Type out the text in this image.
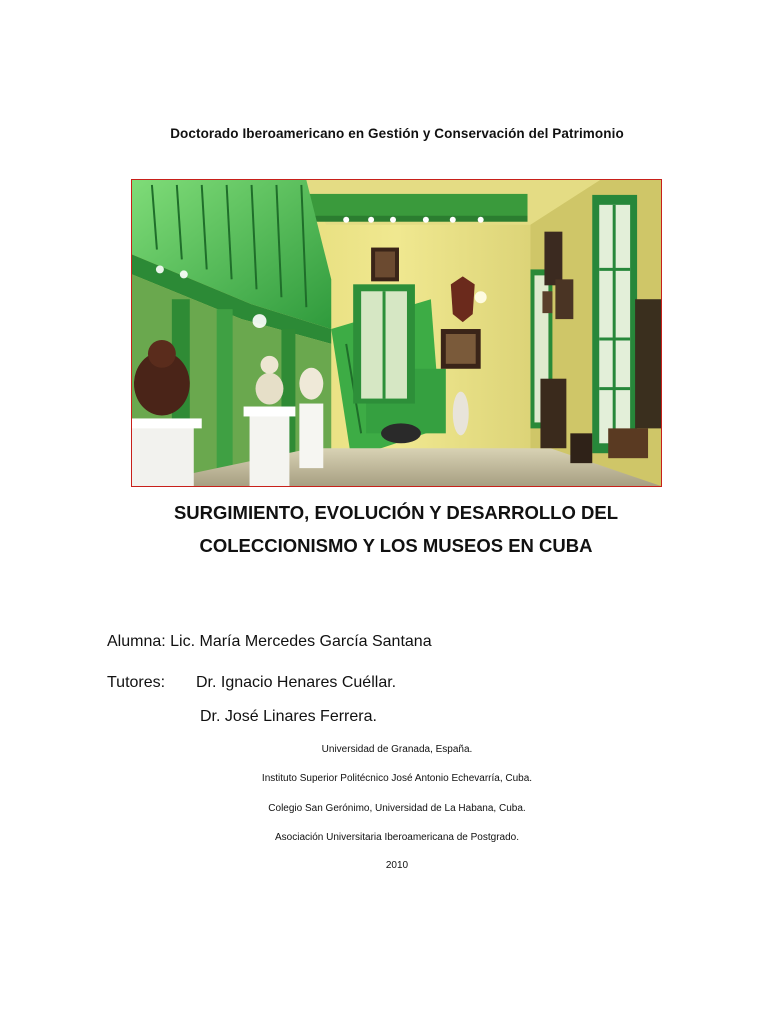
Doctorado Iberoamericano en Gestión y Conservación del Patrimonio
SURGIMIENTO, EVOLUCIÓN Y DESARROLLO DEL
COLECCIONISMO Y LOS MUSEOS EN CUBA
Alumna: Lic. María Mercedes García Santana
Tutores: Dr. Ignacio Henares Cuéllar.
Dr. José Linares Ferrera.
Universidad de Granada, España.
Instituto Superior Politécnico José Antonio Echevarría, Cuba.
Colegio San Gerónimo, Universidad de La Habana, Cuba.
Asociación Universitaria Iberoamericana de Postgrado.
2010
